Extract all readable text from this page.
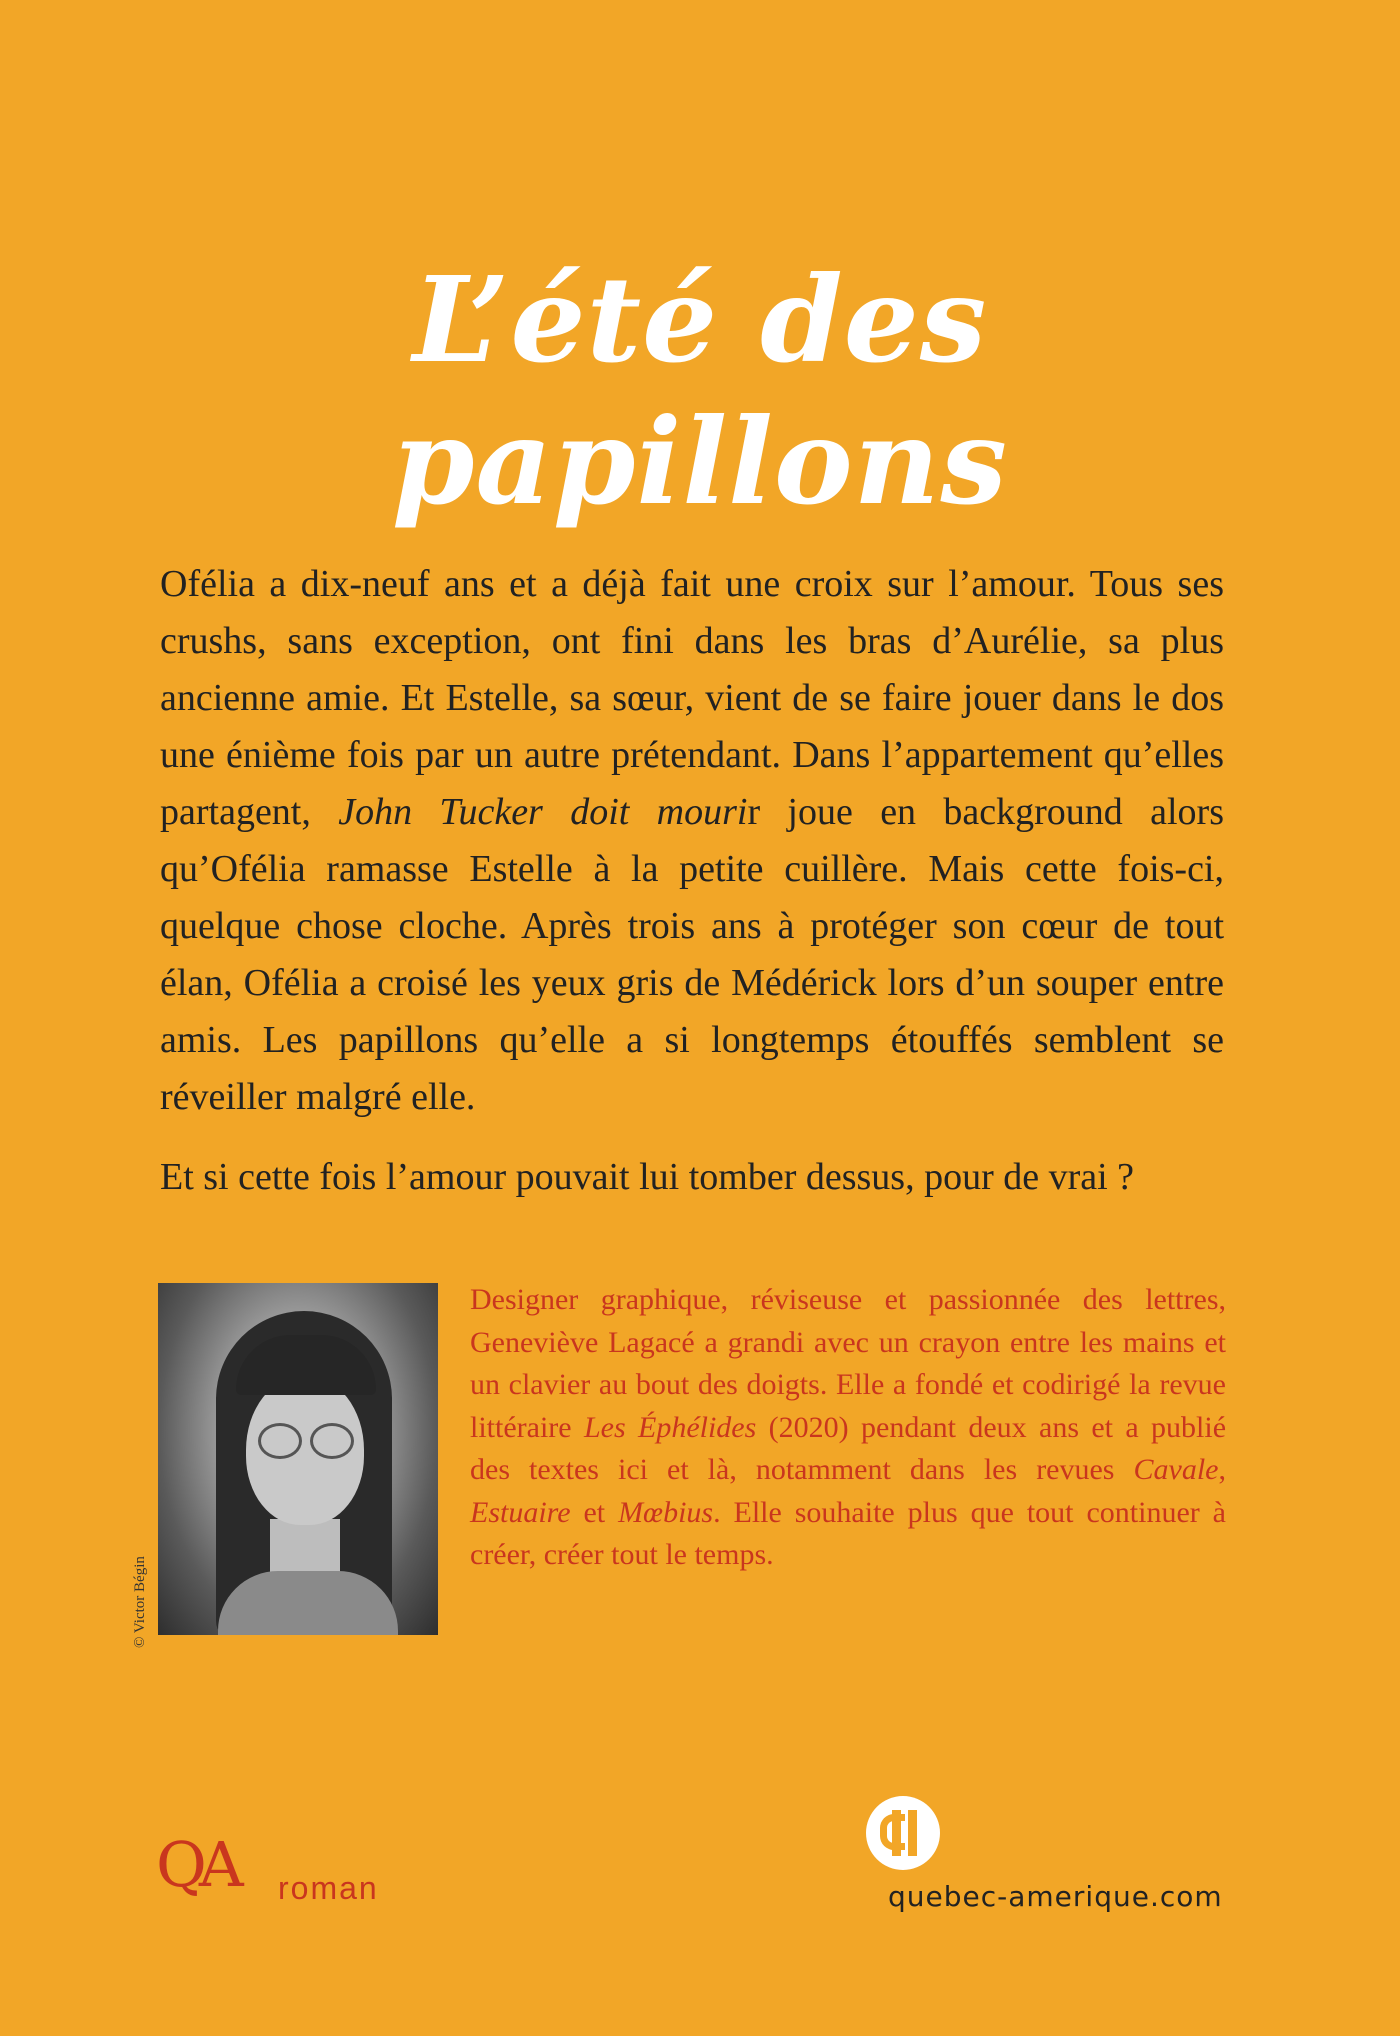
L’été des
papillons

Ofélia a dix-neuf ans et a déjà fait une croix sur l’amour. Tous ses crushs, sans exception, ont fini dans les bras d’Aurélie, sa plus ancienne amie. Et Estelle, sa sœur, vient de se faire jouer dans le dos une énième fois par un autre prétendant. Dans l’appartement qu’elles partagent, John Tucker doit mourir joue en background alors qu’Ofélia ramasse Estelle à la petite cuillère. Mais cette fois-ci, quelque chose cloche. Après trois ans à protéger son cœur de tout élan, Ofélia a croisé les yeux gris de Médérick lors d’un souper entre amis. Les papillons qu’elle a si longtemps étouffés semblent se réveiller malgré elle.

Et si cette fois l’amour pouvait lui tomber dessus, pour de vrai ?

© Victor Bégin

Designer graphique, réviseuse et passionnée des lettres, Geneviève Lagacé a grandi avec un crayon entre les mains et un clavier au bout des doigts. Elle a fondé et codirigé la revue littéraire Les Éphélides (2020) pendant deux ans et a publié des textes ici et là, notamment dans les revues Cavale, Estuaire et Mœbius. Elle souhaite plus que tout continuer à créer, créer tout le temps.

QA roman	quebec-amerique.com
